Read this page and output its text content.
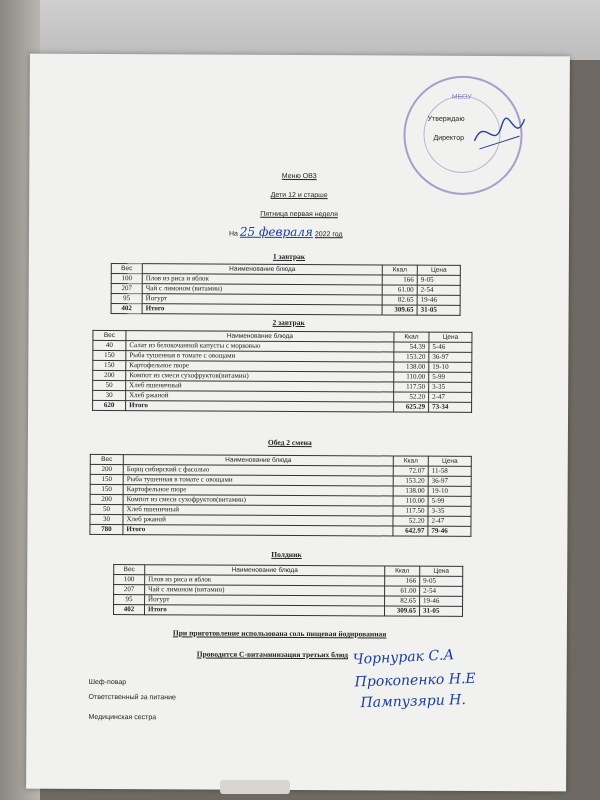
МБОУ
Утверждаю
Директор
Меню ОВЗ
Дети 12 и старше
Пятница первая неделя
На 25 февраля 2022 год
1 завтрак
Вес	Наименование блюда	Ккал	Цена
100	Плов из риса и яблок	166	9-05
207	Чай с лимоном (витамин)	61.00	2-54
95	Йогурт	82.65	19-46
402	Итого	309.65	31-05
2 завтрак
Вес	Наименование блюда	Ккал	Цена
40	Салат из белокочанной капусты с морковью	54.39	5-46
150	Рыба тушенная в томате с овощами	153.20	36-97
150	Картофельное пюре	138.00	19-10
200	Компот из смеси сухофруктов(витамин)	110.00	5-99
50	Хлеб пшеничный	117.50	3-35
30	Хлеб ржаной	52.20	2-47
620	Итого	625.29	73-34
Обед 2 смена
Вес	Наименование блюда	Ккал	Цена
200	Борщ сибирский с фасолью	72.07	11-58
150	Рыба тушенная в томате с овощами	153.20	36-97
150	Картофельное пюре	138.00	19-10
200	Компот из смеси сухофруктов(витамин)	110.00	5-99
50	Хлеб пшеничный	117.50	3-35
30	Хлеб ржаной	52.20	2-47
780	Итого	642.97	79-46
Полдник
Вес	Наименование блюда	Ккал	Цена
100	Плов из риса и яблок	166	9-05
207	Чай с лимоном (витамин)	61.00	2-54
95	Йогурт	82.65	19-46
402	Итого	309.65	31-05
При приготовление использована соль пищевая йодированная
Проводится С-витаминизация третьих блюд
Шеф-повар
Ответственный за питание
Медицинская сестра
Чорнурак С.А
Прокопенко Н.Е
Пампузяри Н.
